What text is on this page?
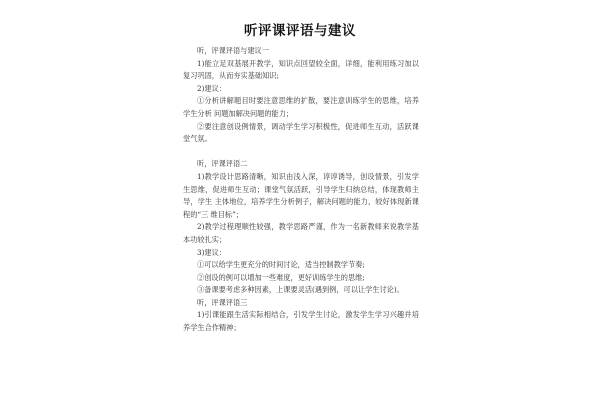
听评课评语与建议

听，评课评语与建议一

1)能立足双基展开教学，知识点回望较全面，详细，能利用练习加以复习巩固，从而夯实基础知识;

2)建议：

①分析讲解题目时要注意思维的扩散，要注意训练学生的思维，培养学生分析 问题加解决问题的能力；

②要注意创设例情景，调动学生学习积极性，促进师生互动，活跃课堂气氛。

听，评课评语二

1)教学设计思路清晰，知识由浅入深，谆谆诱导，创设情景，引发学生思维，促进师生互动；课堂气氛活跃，引导学生归纳总结，体现教师主导，学生 主体地位，培养学生分析例子，解决问题的能力，较好体现新课程的“三 维目标”；

2)教学过程理顺性较强，教学思路严谨，作为一名新教师来说教学基本功较扎实；

3)建议：

①可以给学生更充分的时间讨论，适当控制教学节奏;

②创设的例可以增加一些难度，更好训练学生的思维;

③备课要考虑多种因素，上课要灵活(遇到例，可以让学生讨论)。

听，评课评语三

1)引课能跟生活实际相结合，引发学生讨论，激发学生学习兴趣并培养学生合作精神；
